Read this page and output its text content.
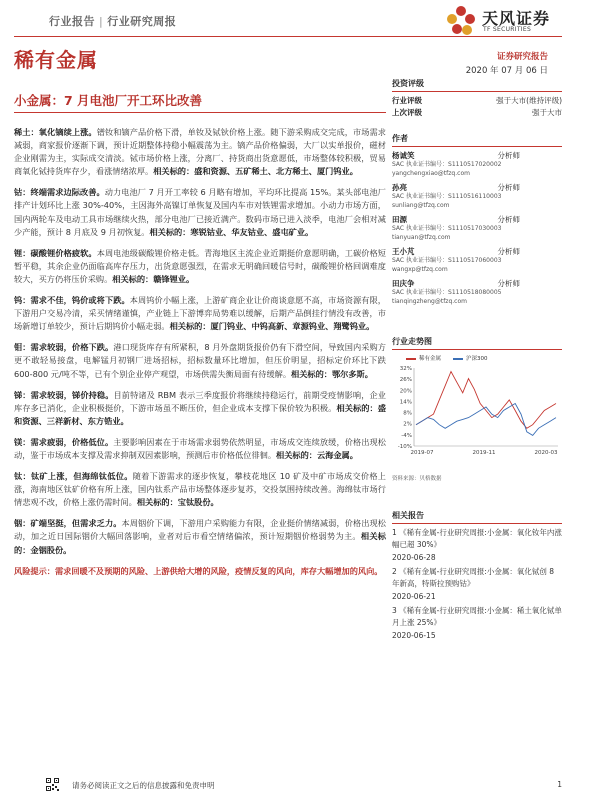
行业报告 | 行业研究周报	天风证券
TF SECURITIES
稀有金属	证券研究报告
2020 年 07 月 06 日
小金属：7 月电池厂开工环比改善

稀土：氧化镝续上涨。镨钕和镝产品价格下滑，单钕及铽钬价格上涨。随下游采购成交完成，市场需求减弱，商家报价逐渐下调，预计近期整体持稳小幅震荡为主。镝产品价格偏弱，大厂以实单报价，磁材企业刚需为主，实际成交清淡。铽市场价格上涨，分离厂、持货商出货意愿低，市场整体较积极，贸易商氧化铽持货库存少，看涨情绪浓厚。相关标的：盛和资源、五矿稀土、北方稀土、厦门钨业。

钴：终端需求边际改善。动力电池厂 7 月开工率较 6 月略有增加，平均环比提高 15%。某头部电池厂排产计划环比上涨 30%-40%，主因海外高镍订单恢复及国内车市对铁锂需求增加。小动力市场方面，国内两轮车及电动工具市场继续火热，部分电池厂已接近满产。数码市场已进入淡季，电池厂会相对减少产能，预计 8 月底及 9 月初恢复。相关标的：寒锐钴业、华友钴业、盛屯矿业。

锂：碳酸锂价格疲软。本周电池级碳酸锂价格走低。青海地区主流企业近期挺价意愿明确，工碳价格短暂平稳，其余企业仍面临高库存压力，出货意愿强烈，在需求无明确回暖信号时，碳酸锂价格回调难度较大，买方仍将压价采购。相关标的：赣锋锂业。

钨：需求不佳，钨价或将下跌。本周钨价小幅上涨，上游矿商企业让价商谈意愿不高，市场资源有限，下游用户交易冷清，采买情绪谨慎，产业链上下游博弈局势难以缓解，后期产品倒挂行情没有改善，市场新增订单较少，预计后期钨价小幅走弱。相关标的：厦门钨业、中钨高新、章源钨业、翔鹭钨业。

钼：需求较弱，价格下跌。港口现货库存有所紧积，8 月外盘期货报价仍有下滑空间，导致国内采购方更不敢轻易接盘，电解锰月初钢厂进场招标，招标数量环比增加，但压价明显，招标定价环比下跌 600-800 元/吨不等，已有个别企业停产观望，市场供需失衡局面有待缓解。相关标的：鄂尔多斯。

锑：需求较弱，锑价持稳。目前特诸及 RBM 表示三季度报价将继续持稳运行，前期受疫情影响，企业库存多已消化，企业积极挺价，下游市场虽不断压价，但企业成本支撑下保价较为积极。相关标的：盛和资源、三祥新材、东方锆业。

镁：需求疲弱，价格低位。主要影响因素在于市场需求弱势依然明显，市场成交连续放缓，价格出现松动，鉴于市场成本支撑及需求抑制双因素影响，预测后市价格低位徘徊。相关标的：云海金属。

钛：钛矿上涨，但海绵钛低位。随着下游需求的逐步恢复，攀枝花地区 10 矿及中矿市场成交价格上涨，海南地区钛矿价格有所上涨，国内钛系产品市场整体逐步复苏，交投氛围持续改善。海绵钛市场行情悲观不改，价格上涨仍需时间。相关标的：宝钛股份。

铟：矿端坚挺，但需求乏力。本周铟价下调，下游用户采购能力有限，企业挺价情绪减弱，价格出现松动，加之近日国际铟价大幅回落影响，业者对后市看空情绪偏浓，预计短期铟价格弱势为主。相关标的：金铟股份。

风险提示：需求回暖不及预期的风险、上游供给大增的风险，疫情反复的风向，库存大幅增加的风向。

投资评级
行业评级	强于大市(维持评级)
上次评级	强于大市
作者
杨诚笑	分析师
SAC 执业证书编号：S1110517020002
yangchengxiao@tfzq.com
孙亮	分析师
SAC 执业证书编号：S1110516110003
sunliang@tfzq.com
田源	分析师
SAC 执业证书编号：S1110517030003
tianyuan@tfzq.com
王小芃	分析师
SAC 执业证书编号：S1110517060003
wangxp@tfzq.com
田庆争	分析师
SAC 执业证书编号：S1110518080005
tianqingzheng@tfzq.com
行业走势图
稀有金属	沪深300
32%
26%
20%
14%
8%
2%
-4%
-10%
2019-07	2019-11	2020-03
资料来源：贝格数据
相关报告
1 《稀有金属-行业研究周报:小金属：氧化钕年内涨幅已超 30%》
2020-06-28
2 《稀有金属-行业研究周报:小金属：氧化铽创 8 年新高，特斯拉预购钴》
2020-06-21
3 《稀有金属-行业研究周报:小金属：稀土氧化铽单月上涨 25%》
2020-06-15
请务必阅读正文之后的信息披露和免责申明	1
